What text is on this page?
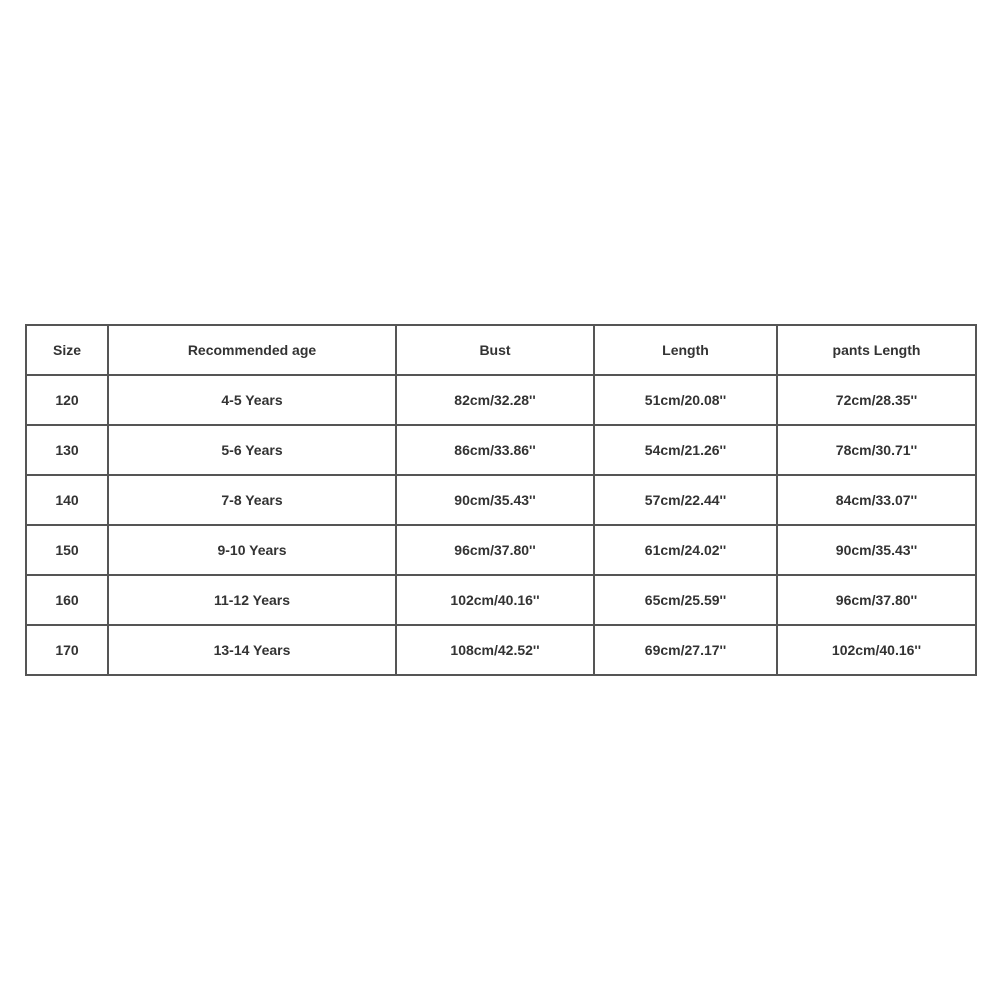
Size	Recommended age	Bust	Length	pants Length
120	4-5 Years	82cm/32.28''	51cm/20.08''	72cm/28.35''
130	5-6 Years	86cm/33.86''	54cm/21.26''	78cm/30.71''
140	7-8 Years	90cm/35.43''	57cm/22.44''	84cm/33.07''
150	9-10 Years	96cm/37.80''	61cm/24.02''	90cm/35.43''
160	11-12 Years	102cm/40.16''	65cm/25.59''	96cm/37.80''
170	13-14 Years	108cm/42.52''	69cm/27.17''	102cm/40.16''
